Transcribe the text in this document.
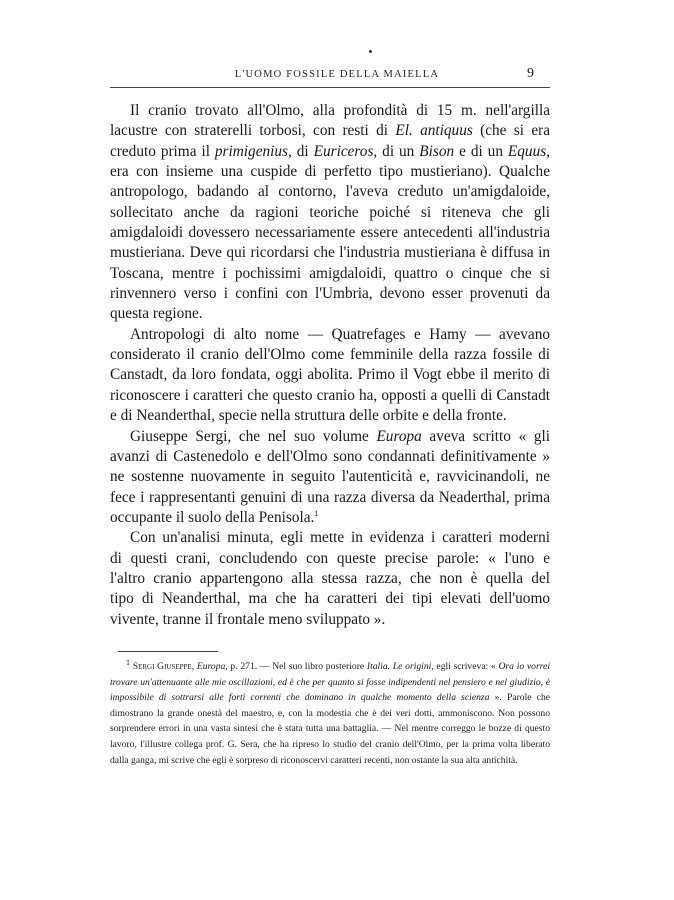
L'UOMO FOSSILE DELLA MAIELLA	9

Il cranio trovato all'Olmo, alla profondità di 15 m. nell'argilla lacustre con straterelli torbosi, con resti di El. antiquus (che si era creduto prima il primigenius, di Euriceros, di un Bison e di un Equus, era con insieme una cuspide di perfetto tipo mustieriano). Qualche antropologo, badando al contorno, l'aveva creduto un'amigdaloide, sollecitato anche da ragioni teoriche poiché si riteneva che gli amigdaloidi dovessero necessariamente essere antecedenti all'industria mustieriana. Deve qui ricordarsi che l'industria mustieriana è diffusa in Toscana, mentre i pochissimi amigdaloidi, quattro o cinque che si rinvennero verso i confini con l'Umbria, devono esser provenuti da questa regione.

Antropologi di alto nome — Quatrefages e Hamy — avevano considerato il cranio dell'Olmo come femminile della razza fossile di Canstadt, da loro fondata, oggi abolita. Primo il Vogt ebbe il merito di riconoscere i caratteri che questo cranio ha, opposti a quelli di Canstadt e di Neanderthal, specie nella struttura delle orbite e della fronte.

Giuseppe Sergi, che nel suo volume Europa aveva scritto « gli avanzi di Castenedolo e dell'Olmo sono condannati definitivamente » ne sostenne nuovamente in seguito l'autenticità e, ravvicinandoli, ne fece i rappresentanti genuini di una razza diversa da Neaderthal, prima occupante il suolo della Penisola.$^1$

Con un'analisi minuta, egli mette in evidenza i caratteri moderni

di questi crani, concludendo con queste precise parole: « l'uno e

l'altro cranio appartengono alla stessa razza, che non è quella del

tipo di Neanderthal, ma che ha caratteri dei tipi elevati dell'uomo

vivente, tranne il frontale meno sviluppato ».

$^1$ Sergi Giuseppe, Europa, p. 271. — Nel suo libro posteriore Italia. Le origini, egli scriveva: « Ora io vorrei trovare un'attenuante alle mie oscillazioni, ed è che per quanto si fosse indipendenti nel pensiero e nel giudizio, è impossibile di sottrarsi alle forti correnti che dominano in qualche momento della scienza ». Parole che dimostrano la grande onestà del maestro, e, con la modestia che è dei veri dotti, ammoniscono. Non possono sorprendere errori in una vasta sintesi che è stata tutta una battaglia. — Nel mentre correggo le bozze di questo lavoro, l'illustre collega prof. G. Sera, che ha ripreso lo studio del cranio dell'Olmo, per la prima volta liberato dalla ganga, mi scrive che egli è sorpreso di riconoscervi caratteri recenti, non ostante la sua alta antichità.
